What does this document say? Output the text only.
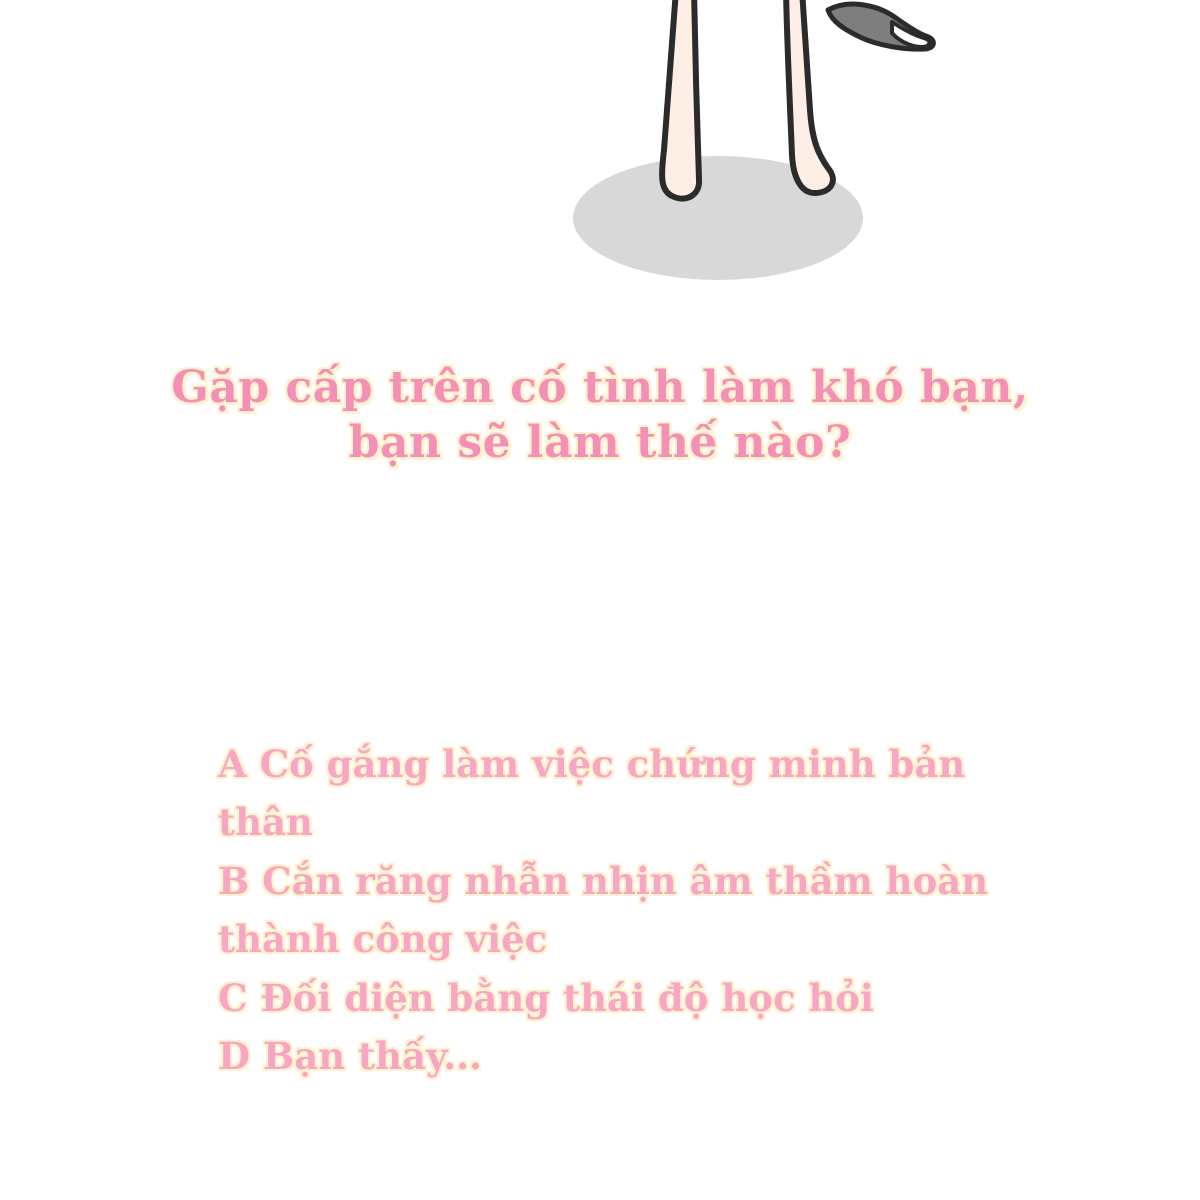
Gặp cấp trên cố tình làm khó bạn,
bạn sẽ làm thế nào?
A Cố gắng làm việc chứng minh bản thân
B Cắn răng nhẫn nhịn âm thầm hoàn thành công việc
C Đối diện bằng thái độ học hỏi
D Bạn thấy...
